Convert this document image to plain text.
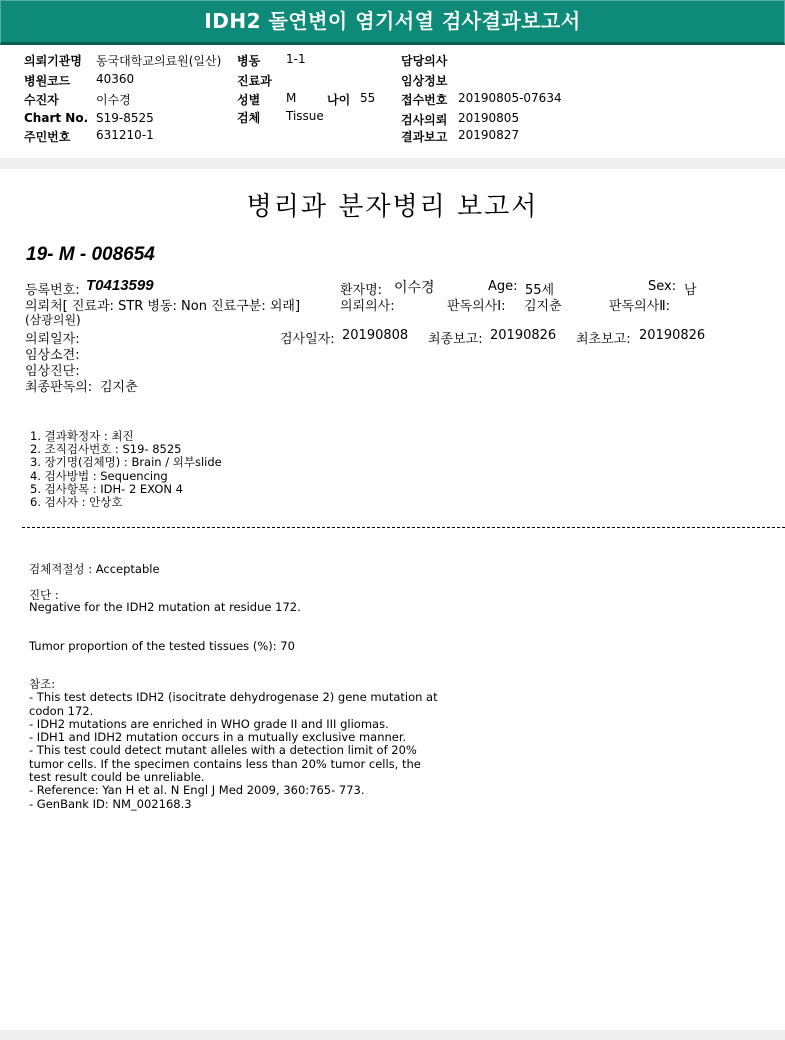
IDH2 돌연변이 염기서열 검사결과보고서
의뢰기관명 동국대학교의료원(일산) 병동 1-1	담당의사
병원코드 40360	진료과	임상정보
수진자	이수경	성별 M	나이 55 접수번호 20190805-07634
Chart No. S19-8525	검체 Tissue	검사의뢰 20190805
주민번호 631210-1	결과보고 20190827
병리과 분자병리 보고서
19- M - 008654
등록번호: T0413599	환자명: 이수경	Age: 55세	Sex: 남
의뢰처[ 진료과: STR 병동: Non 진료구분: 외래]	의뢰의사:	판독의사Ⅰ: 김지춘	판독의사Ⅱ:
(삼광의원)
의뢰일자:	검사일자: 20190808 최종보고: 20190826 최초보고: 20190826
임상소견:
임상진단:
최종판독의: 김지춘
1. 결과확정자 : 최진
2. 조직검사번호 : S19- 8525
3. 장기명(검체명) : Brain / 외부slide
4. 검사방법 : Sequencing
5. 검사항목 : IDH- 2 EXON 4
6. 검사자 : 안상호
검체적절성 : Acceptable
진단 :
Negative for the IDH2 mutation at residue 172.
Tumor proportion of the tested tissues (%): 70
참조:
- This test detects IDH2 (isocitrate dehydrogenase 2) gene mutation at
codon 172.
- IDH2 mutations are enriched in WHO grade II and III gliomas.
- IDH1 and IDH2 mutation occurs in a mutually exclusive manner.
- This test could detect mutant alleles with a detection limit of 20%
tumor cells. If the specimen contains less than 20% tumor cells, the
test result could be unreliable.
- Reference: Yan H et al. N Engl J Med 2009, 360:765- 773.
- GenBank ID: NM_002168.3
